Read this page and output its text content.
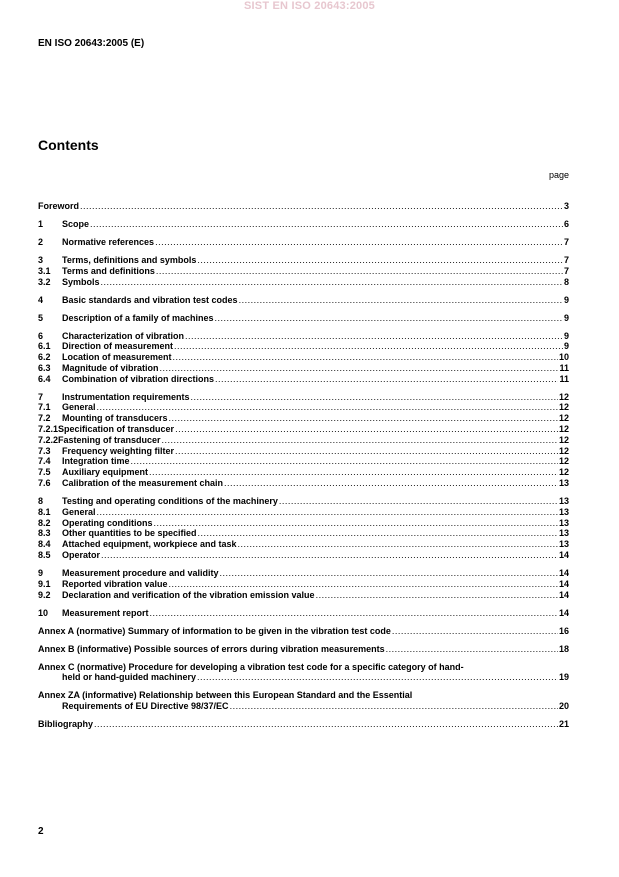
SIST EN ISO 20643:2005
EN ISO 20643:2005 (E)
Contents
page
Foreword .....	3
1	Scope .....	6
2	Normative references .....	7
3	Terms, definitions and symbols .....	7
3.1	Terms and definitions .....	7
3.2	Symbols .....	8
4	Basic standards and vibration test codes .....	9
5	Description of a family of machines .....	9
6	Characterization of vibration .....	9
6.1	Direction of measurement .....	9
6.2	Location of measurement .....	10
6.3	Magnitude of vibration .....	11
6.4	Combination of vibration directions .....	11
7	Instrumentation requirements .....	12
7.1	General .....	12
7.2	Mounting of transducers .....	12
7.2.1 Specification of transducer .....	12
7.2.2 Fastening of transducer .....	12
7.3	Frequency weighting filter .....	12
7.4	Integration time .....	12
7.5	Auxiliary equipment .....	12
7.6	Calibration of the measurement chain .....	13
8	Testing and operating conditions of the machinery .....	13
8.1	General .....	13
8.2	Operating conditions .....	13
8.3	Other quantities to be specified .....	13
8.4	Attached equipment, workpiece and task .....	13
8.5	Operator .....	14
9	Measurement procedure and validity .....	14
9.1	Reported vibration value .....	14
9.2	Declaration and verification of the vibration emission value .....	14
10	Measurement report .....	14
Annex A (normative) Summary of information to be given in the vibration test code .....	16
Annex B (informative) Possible sources of errors during vibration measurements .....	18
Annex C (normative) Procedure for developing a vibration test code for a specific category of hand-
held or hand-guided machinery .....	19
Annex ZA (informative) Relationship between this European Standard and the Essential
Requirements of EU Directive 98/37/EC .....	20
Bibliography .....	21
2
